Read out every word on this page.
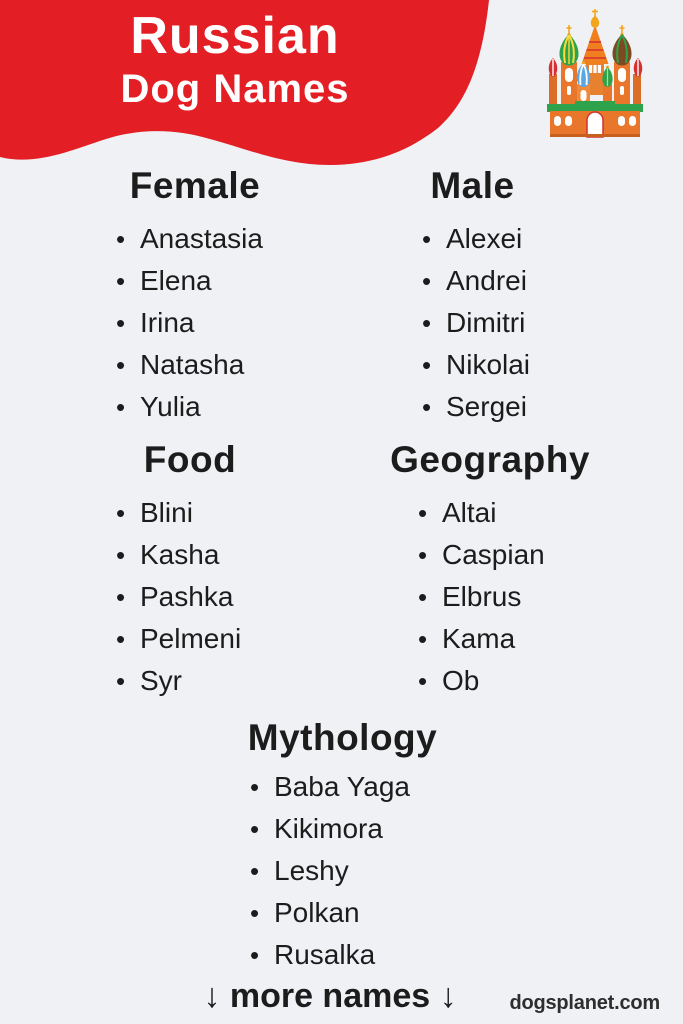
Russian
Dog Names
Female
• Anastasia
• Elena
• Irina
• Natasha
• Yulia
Male
• Alexei
• Andrei
• Dimitri
• Nikolai
• Sergei
Food
• Blini
• Kasha
• Pashka
• Pelmeni
• Syr
Geography
• Altai
• Caspian
• Elbrus
• Kama
• Ob
Mythology
• Baba Yaga
• Kikimora
• Leshy
• Polkan
• Rusalka
↓ more names ↓	dogsplanet.com
